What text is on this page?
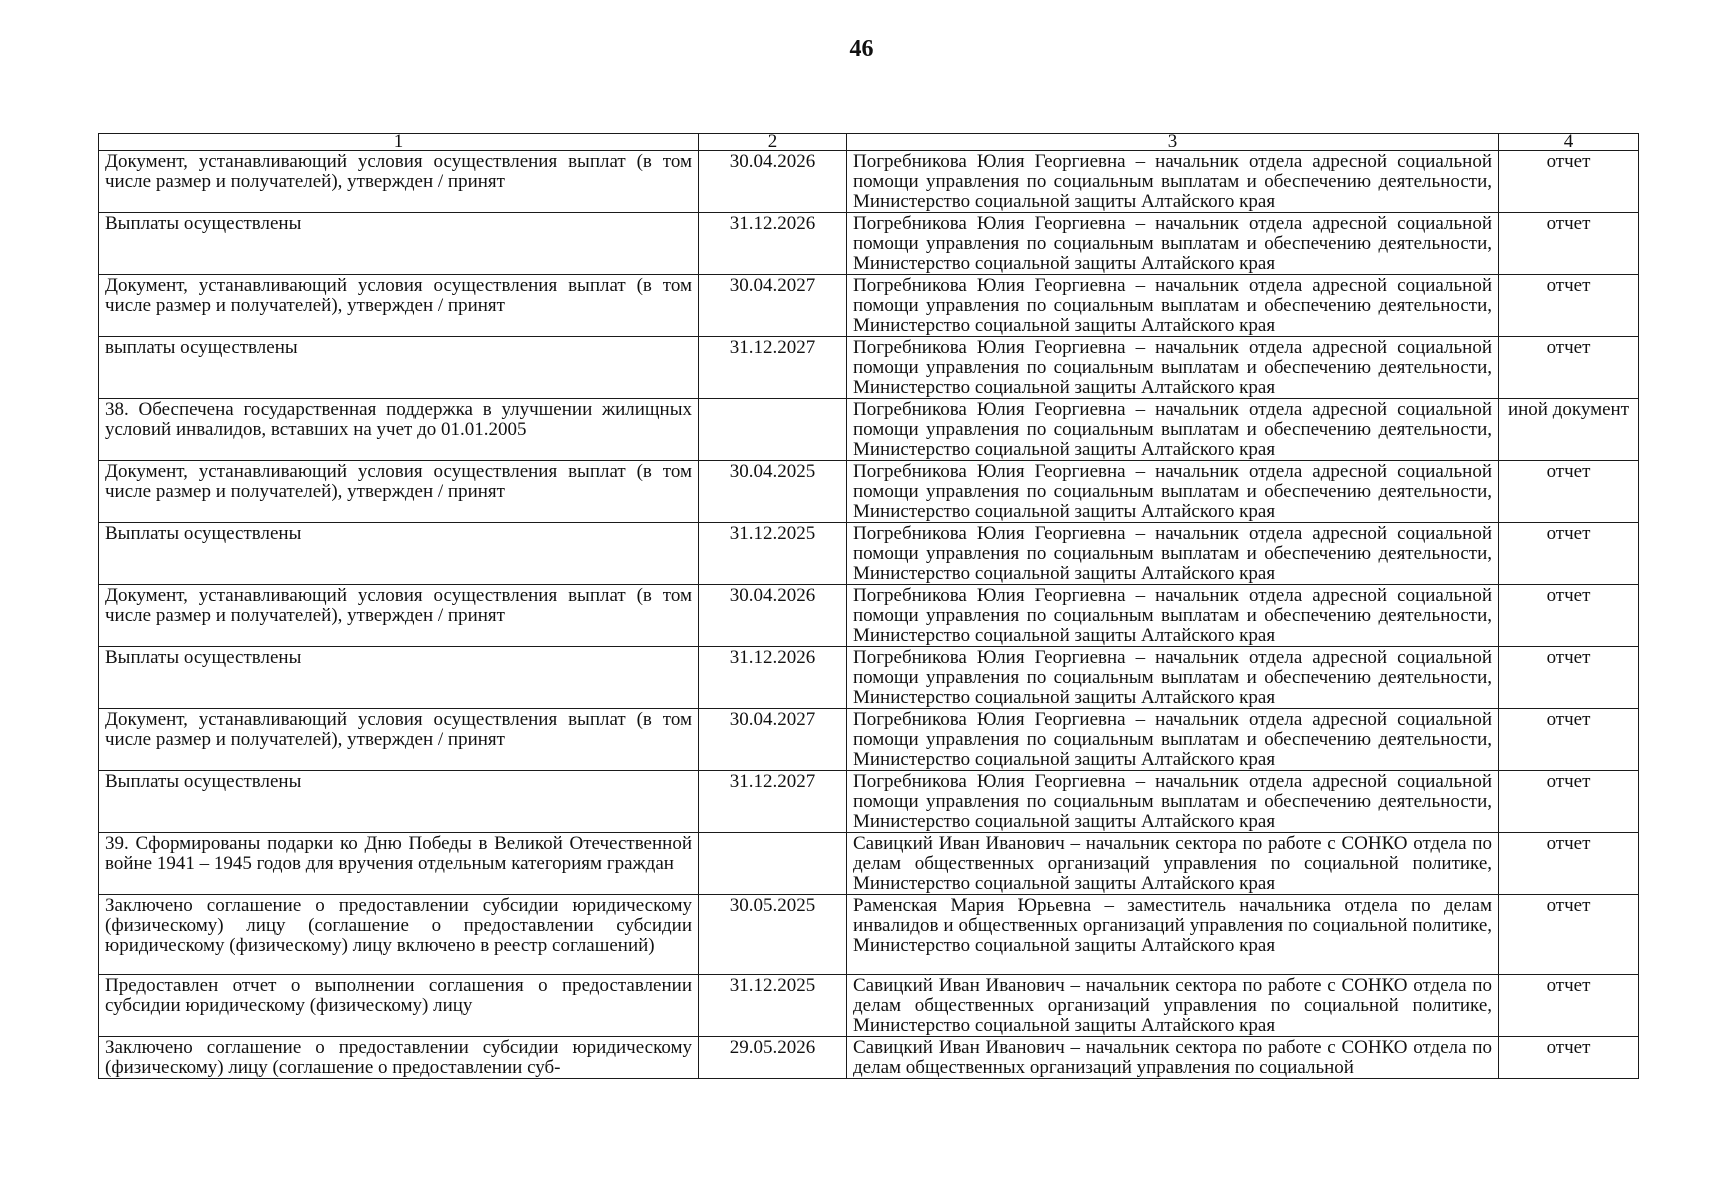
46
1	2	3	4
Документ, устанавливающий условия осуществления выплат (в том числе размер и получателей), утвержден / принят	30.04.2026	Погребникова Юлия Георгиевна – начальник отдела адресной социальной помощи управления по социальным выплатам и обеспечению деятельности, Министерство социальной защиты Алтайского края	отчет
Выплаты осуществлены	31.12.2026	Погребникова Юлия Георгиевна – начальник отдела адресной социальной помощи управления по социальным выплатам и обеспечению деятельности, Министерство социальной защиты Алтайского края	отчет
Документ, устанавливающий условия осуществления выплат (в том числе размер и получателей), утвержден / принят	30.04.2027	Погребникова Юлия Георгиевна – начальник отдела адресной социальной помощи управления по социальным выплатам и обеспечению деятельности, Министерство социальной защиты Алтайского края	отчет
выплаты осуществлены	31.12.2027	Погребникова Юлия Георгиевна – начальник отдела адресной социальной помощи управления по социальным выплатам и обеспечению деятельности, Министерство социальной защиты Алтайского края	отчет
38. Обеспечена государственная поддержка в улучшении жилищных условий инвалидов, вставших на учет до 01.01.2005		Погребникова Юлия Георгиевна – начальник отдела адресной социальной помощи управления по социальным выплатам и обеспечению деятельности, Министерство социальной защиты Алтайского края	иной документ
Документ, устанавливающий условия осуществления выплат (в том числе размер и получателей), утвержден / принят	30.04.2025	Погребникова Юлия Георгиевна – начальник отдела адресной социальной помощи управления по социальным выплатам и обеспечению деятельности, Министерство социальной защиты Алтайского края	отчет
Выплаты осуществлены	31.12.2025	Погребникова Юлия Георгиевна – начальник отдела адресной социальной помощи управления по социальным выплатам и обеспечению деятельности, Министерство социальной защиты Алтайского края	отчет
Документ, устанавливающий условия осуществления выплат (в том числе размер и получателей), утвержден / принят	30.04.2026	Погребникова Юлия Георгиевна – начальник отдела адресной социальной помощи управления по социальным выплатам и обеспечению деятельности, Министерство социальной защиты Алтайского края	отчет
Выплаты осуществлены	31.12.2026	Погребникова Юлия Георгиевна – начальник отдела адресной социальной помощи управления по социальным выплатам и обеспечению деятельности, Министерство социальной защиты Алтайского края	отчет
Документ, устанавливающий условия осуществления выплат (в том числе размер и получателей), утвержден / принят	30.04.2027	Погребникова Юлия Георгиевна – начальник отдела адресной социальной помощи управления по социальным выплатам и обеспечению деятельности, Министерство социальной защиты Алтайского края	отчет
Выплаты осуществлены	31.12.2027	Погребникова Юлия Георгиевна – начальник отдела адресной социальной помощи управления по социальным выплатам и обеспечению деятельности, Министерство социальной защиты Алтайского края	отчет
39. Сформированы подарки ко Дню Победы в Великой Отечественной войне 1941 – 1945 годов для вручения отдельным категориям граждан		Савицкий Иван Иванович – начальник сектора по работе с СОНКО отдела по делам общественных организаций управления по социальной политике, Министерство социальной защиты Алтайского края	отчет
Заключено соглашение о предоставлении субсидии юридическому (физическому) лицу (соглашение о предоставлении субсидии юридическому (физическому) лицу включено в реестр соглашений)	30.05.2025	Раменская Мария Юрьевна – заместитель начальника отдела по делам инвалидов и общественных организаций управления по социальной политике, Министерство социальной защиты Алтайского края	отчет
Предоставлен отчет о выполнении соглашения о предоставлении субсидии юридическому (физическому) лицу	31.12.2025	Савицкий Иван Иванович – начальник сектора по работе с СОНКО отдела по делам общественных организаций управления по социальной политике, Министерство социальной защиты Алтайского края	отчет
Заключено соглашение о предоставлении субсидии юридическому (физическому) лицу (соглашение о предоставлении суб-	29.05.2026	Савицкий Иван Иванович – начальник сектора по работе с СОНКО отдела по делам общественных организаций управления по социальной	отчет
